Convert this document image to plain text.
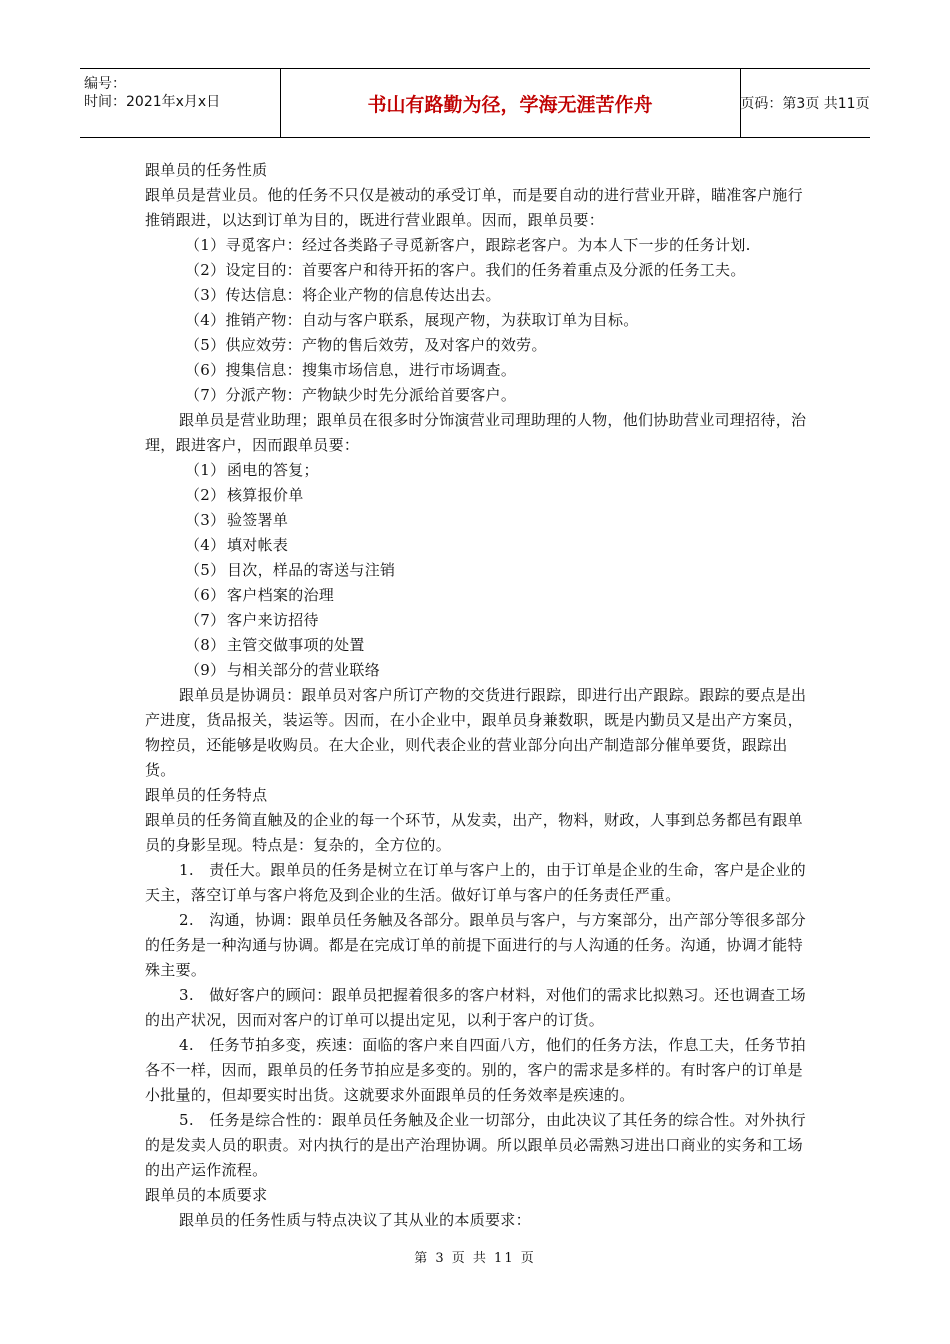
编号：
时间：2021年x月x日	书山有路勤为径，学海无涯苦作舟	页码：第3页 共11页

跟单员的任务性质

跟单员是营业员。他的任务不只仅是被动的承受订单，而是要自动的进行营业开辟，瞄准客户施行推销跟进，以达到订单为目的，既进行营业跟单。因而，跟单员要：

（1）寻觅客户：经过各类路子寻觅新客户，跟踪老客户。为本人下一步的任务计划.

（2）设定目的：首要客户和待开拓的客户。我们的任务着重点及分派的任务工夫。

（3）传达信息：将企业产物的信息传达出去。

（4）推销产物：自动与客户联系，展现产物，为获取订单为目标。

（5）供应效劳：产物的售后效劳，及对客户的效劳。

（6）搜集信息：搜集市场信息，进行市场调查。

（7）分派产物：产物缺少时先分派给首要客户。

跟单员是营业助理；跟单员在很多时分饰演营业司理助理的人物，他们协助营业司理招待，治理，跟进客户，因而跟单员要：

（1） 函电的答复；

（2） 核算报价单

（3） 验签署单

（4） 填对帐表

（5） 目次，样品的寄送与注销

（6） 客户档案的治理

（7） 客户来访招待

（8） 主管交做事项的处置

（9） 与相关部分的营业联络

跟单员是协调员：跟单员对客户所订产物的交货进行跟踪，即进行出产跟踪。跟踪的要点是出产进度，货品报关，装运等。因而，在小企业中，跟单员身兼数职，既是内勤员又是出产方案员，物控员，还能够是收购员。在大企业，则代表企业的营业部分向出产制造部分催单要货，跟踪出货。

跟单员的任务特点

跟单员的任务简直触及的企业的每一个环节，从发卖，出产，物料，财政，人事到总务都邑有跟单员的身影呈现。特点是：复杂的，全方位的。

1.　责任大。跟单员的任务是树立在订单与客户上的，由于订单是企业的生命，客户是企业的天主，落空订单与客户将危及到企业的生活。做好订单与客户的任务责任严重。

2.　沟通，协调：跟单员任务触及各部分。跟单员与客户，与方案部分，出产部分等很多部分的任务是一种沟通与协调。都是在完成订单的前提下面进行的与人沟通的任务。沟通，协调才能特殊主要。

3.　做好客户的顾问：跟单员把握着很多的客户材料，对他们的需求比拟熟习。还也调查工场的出产状况，因而对客户的订单可以提出定见，以利于客户的订货。

4.　任务节拍多变，疾速：面临的客户来自四面八方，他们的任务方法，作息工夫，任务节拍各不一样，因而，跟单员的任务节拍应是多变的。别的，客户的需求是多样的。有时客户的订单是小批量的，但却要实时出货。这就要求外面跟单员的任务效率是疾速的。

5.　任务是综合性的：跟单员任务触及企业一切部分，由此决议了其任务的综合性。对外执行的是发卖人员的职责。对内执行的是出产治理协调。所以跟单员必需熟习进出口商业的实务和工场的出产运作流程。

跟单员的本质要求

跟单员的任务性质与特点决议了其从业的本质要求：

第 3 页 共 11 页
